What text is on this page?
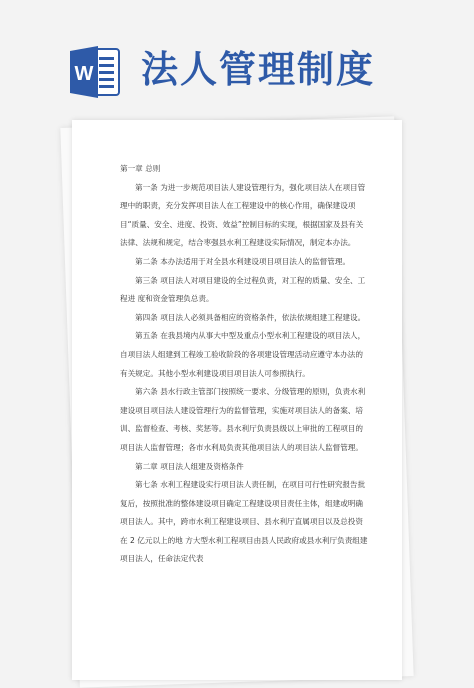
W 法人管理制度

第一章 总则

第一条 为进一步规范项目法人建设管理行为，强化项目法人在项目管理中的职责，充分发挥项目法人在工程建设中的核心作用，确保建设项目“质量、安全、进度、投资、效益”控制目标的实现，根据国家及县有关法律、法规和规定，结合枣强县水利工程建设实际情况，制定本办法。

第二条 本办法适用于对全县水利建设项目项目法人的监督管理。

第三条 项目法人对项目建设的全过程负责，对工程的质量、安全、工程进 度和资金管理负总责。

第四条 项目法人必须具备相应的资格条件，依法依规组建工程建设。

第五条 在我县境内从事大中型及重点小型水利工程建设的项目法人，自项目法人组建到工程竣工验收阶段的各项建设管理活动应遵守本办法的有关规定。其他小型水利建设项目项目法人可参照执行。

第六条 县水行政主管部门按照统一要求、分级管理的原则，负责水利建设项目项目法人建设管理行为的监督管理，实施对项目法人的备案、培训、监督检查、考核、奖惩等。县水利厅负责县级以上审批的工程项目的项目法人监督管理；各市水利局负责其他项目法人的项目法人监督管理。

第二章 项目法人组建及资格条件

第七条 水利工程建设实行项目法人责任制，在项目可行性研究报告批复后，按照批准的整体建设项目确定工程建设项目责任主体，组建或明确项目法人。其中，跨市水利工程建设项目、县水利厅直属项目以及总投资在 2 亿元以上的地 方大型水利工程项目由县人民政府或县水利厅负责组建项目法人，任命法定代表
